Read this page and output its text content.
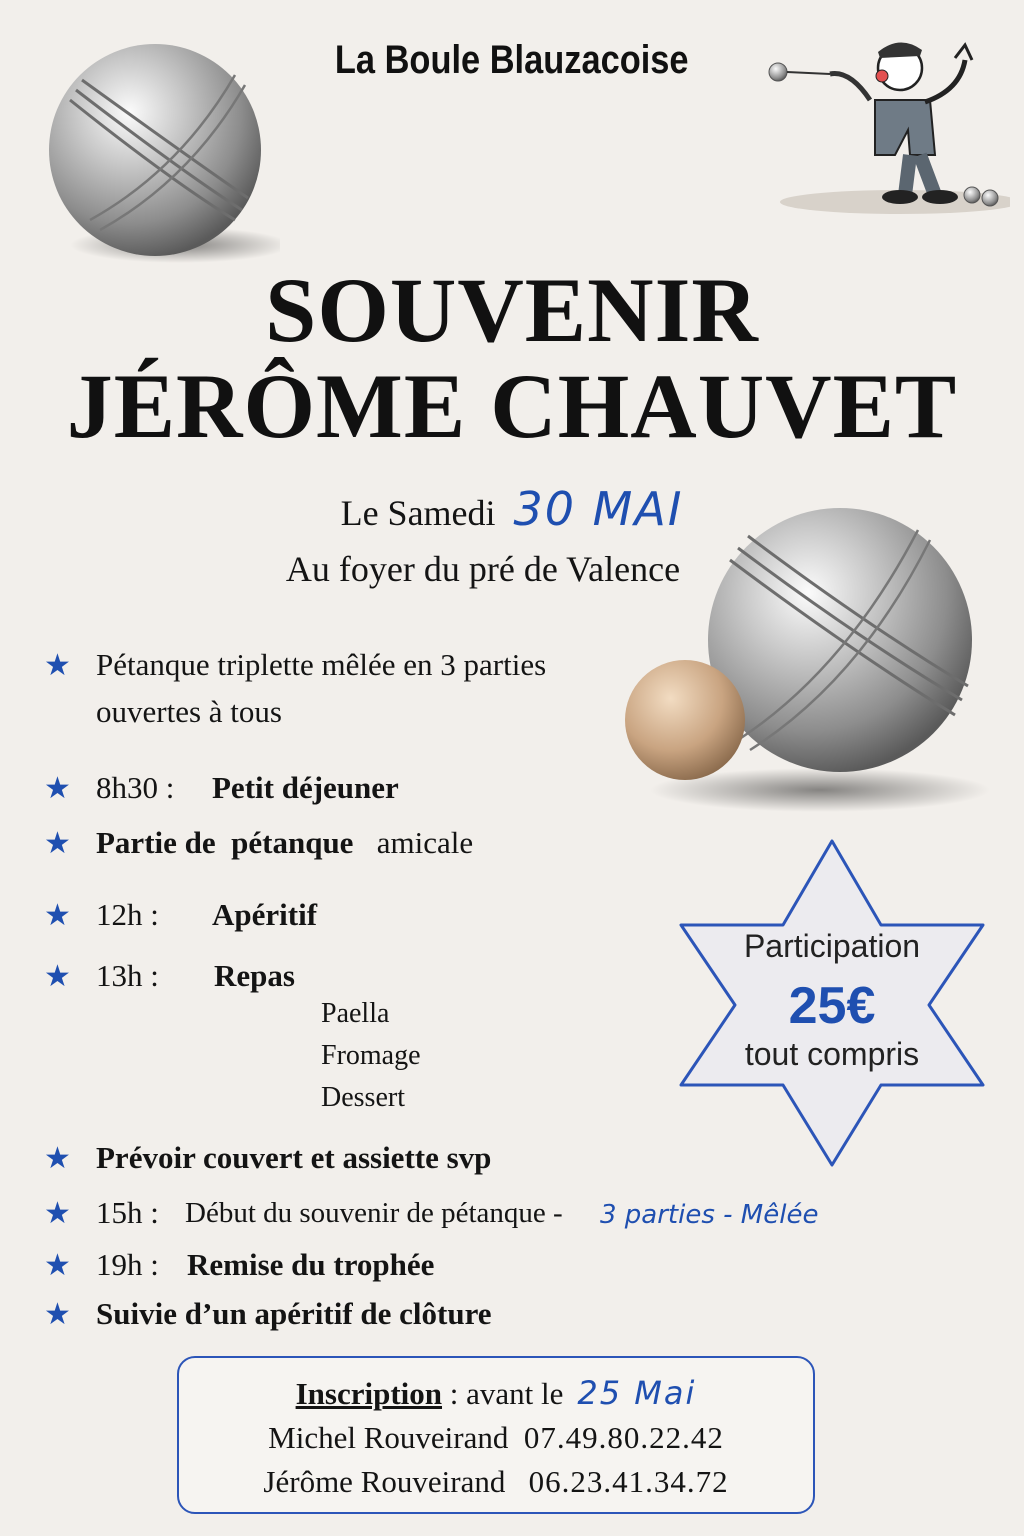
La Boule Blauzacoise
SOUVENIR
JÉRÔME CHAUVET
Le Samedi 30 MAI
Au foyer du pré de Valence
★ Pétanque triplette mêlée en 3 parties
ouvertes à tous
★ 8h30 : Petit déjeuner
★ Partie de  pétanque amicale
★ 12h : Apéritif
★ 13h : Repas
Paella
Fromage
Dessert
★ Prévoir couvert et assiette svp
★ 15h : Début du souvenir de pétanque - 3 parties - Mêlée
★ 19h : Remise du trophée
★ Suivie d’un apéritif de clôture
Participation
25€
tout compris
Inscription : avant le 25 Mai
Michel Rouveirand 07.49.80.22.42
Jérôme Rouveirand 06.23.41.34.72
